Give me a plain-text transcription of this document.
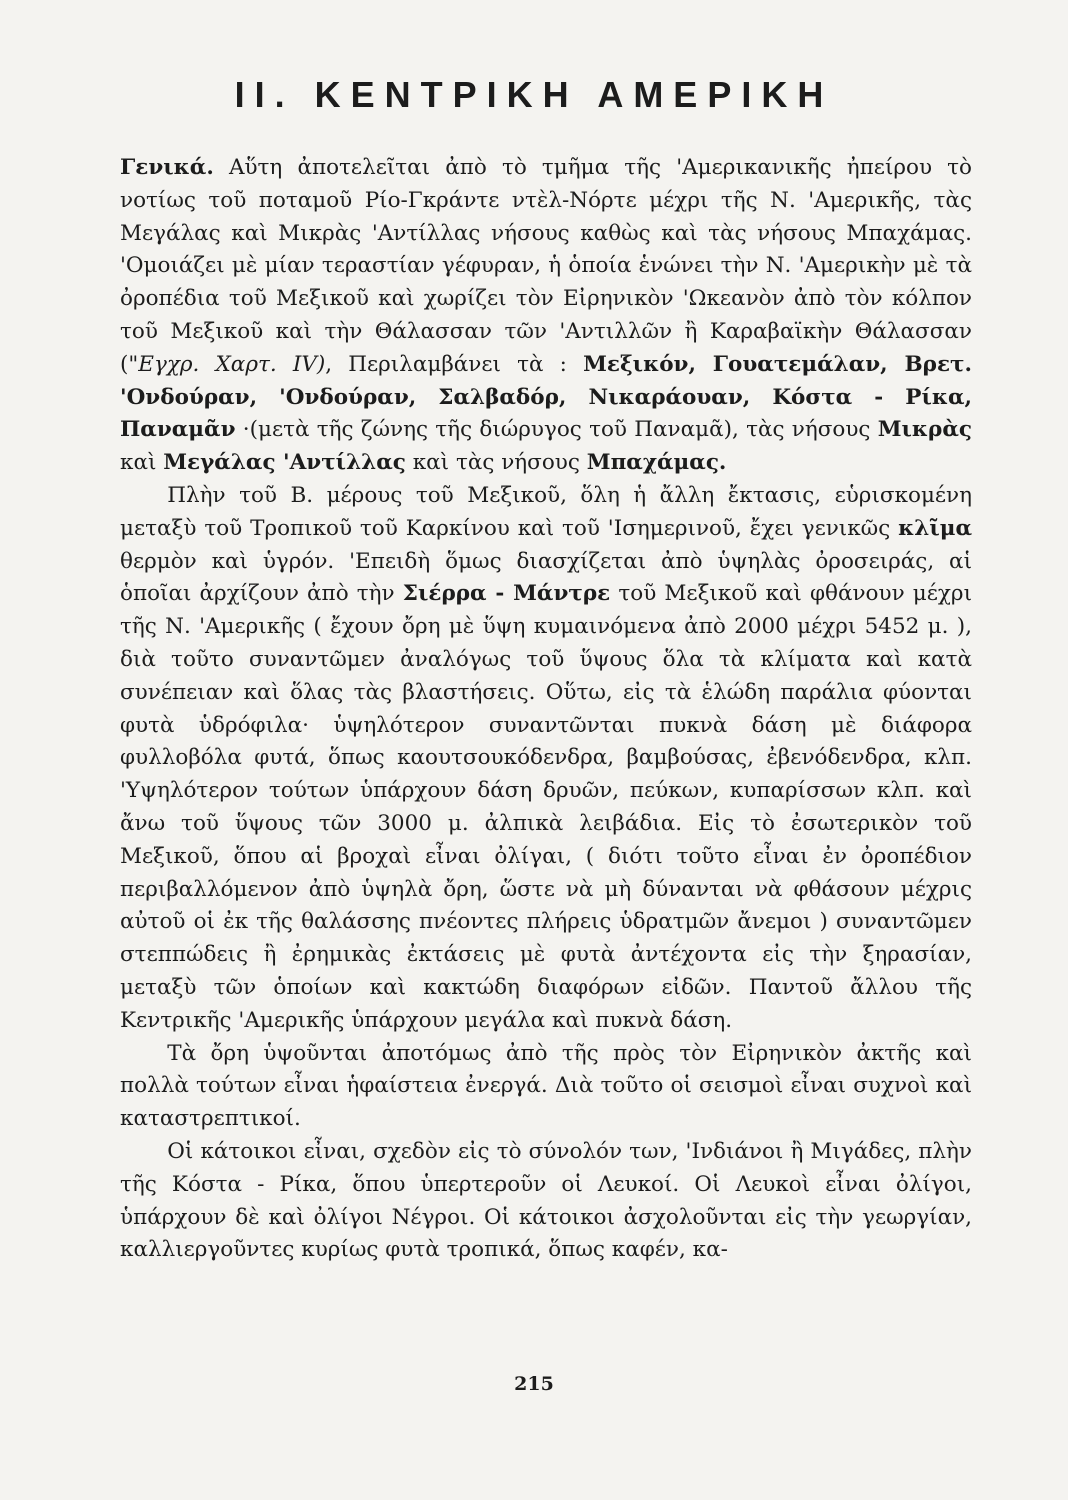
ΙΙ. ΚΕΝΤΡΙΚΗ ΑΜΕΡΙΚΗ

Γενικά. Αὕτη ἀποτελεῖται ἀπὸ τὸ τμῆμα τῆς 'Αμερικανικῆς ἠπείρου τὸ νοτίως τοῦ ποταμοῦ Ρίο-Γκράντε ντὲλ-Νόρτε μέχρι τῆς Ν. 'Αμερικῆς, τὰς Μεγάλας καὶ Μικρὰς 'Αντίλλας νήσους καθὼς καὶ τὰς νήσους Μπαχάμας. 'Ομοιάζει μὲ μίαν τεραστίαν γέφυραν, ἡ ὁποία ἑνώνει τὴν Ν. 'Αμερικὴν μὲ τὰ ὀροπέδια τοῦ Μεξικοῦ καὶ χωρίζει τὸν Εἰρηνικὸν 'Ωκεανὸν ἀπὸ τὸν κόλπον τοῦ Μεξικοῦ καὶ τὴν Θάλασσαν τῶν 'Αντιλλῶν ἢ Καραβαϊκὴν Θάλασσαν ("Εγχρ. Χαρτ. IV), Περιλαμβάνει τὰ : Μεξικόν, Γουατεμάλαν, Βρετ. 'Ονδούραν, 'Ονδούραν, Σαλβαδόρ, Νικαράουαν, Κόστα - Ρίκα, Παναμᾶν ·(μετὰ τῆς ζώνης τῆς διώρυγος τοῦ Παναμᾶ), τὰς νήσους Μικρὰς καὶ Μεγάλας 'Αντίλλας καὶ τὰς νήσους Μπαχάμας.

Πλὴν τοῦ Β. μέρους τοῦ Μεξικοῦ, ὅλη ἡ ἄλλη ἔκτασις, εὑρισκομένη μεταξὺ τοῦ Τροπικοῦ τοῦ Καρκίνου καὶ τοῦ 'Ισημερινοῦ, ἔχει γενικῶς κλῖμα θερμὸν καὶ ὑγρόν. 'Επειδὴ ὅμως διασχίζεται ἀπὸ ὑψηλὰς ὀροσειράς, αἱ ὁποῖαι ἀρχίζουν ἀπὸ τὴν Σιέρρα - Μάντρε τοῦ Μεξικοῦ καὶ φθάνουν μέχρι τῆς Ν. 'Αμερικῆς ( ἔχουν ὄρη μὲ ὕψη κυμαινόμενα ἀπὸ 2000 μέχρι 5452 μ. ), διὰ τοῦτο συναντῶμεν ἀναλόγως τοῦ ὕψους ὅλα τὰ κλίματα καὶ κατὰ συνέπειαν καὶ ὅλας τὰς βλαστήσεις. Οὕτω, εἰς τὰ ἑλώδη παράλια φύονται φυτὰ ὑδρόφιλα· ὑψηλότερον συναντῶνται πυκνὰ δάση μὲ διάφορα φυλλοβόλα φυτά, ὅπως καουτσουκόδενδρα, βαμβούσας, ἐβενόδενδρα, κλπ. 'Υψηλότερον τούτων ὑπάρχουν δάση δρυῶν, πεύκων, κυπαρίσσων κλπ. καὶ ἄνω τοῦ ὕψους τῶν 3000 μ. ἀλπικὰ λειβάδια. Εἰς τὸ ἐσωτερικὸν τοῦ Μεξικοῦ, ὅπου αἱ βροχαὶ εἶναι ὀλίγαι, ( διότι τοῦτο εἶναι ἐν ὀροπέδιον περιβαλλόμενον ἀπὸ ὑψηλὰ ὄρη, ὥστε νὰ μὴ δύνανται νὰ φθάσουν μέχρις αὐτοῦ οἱ ἐκ τῆς θαλάσσης πνέοντες πλήρεις ὑδρατμῶν ἄνεμοι ) συναντῶμεν στεππώδεις ἢ ἐρημικὰς ἐκτάσεις μὲ φυτὰ ἀντέχοντα εἰς τὴν ξηρασίαν, μεταξὺ τῶν ὁποίων καὶ κακτώδη διαφόρων εἰδῶν. Παντοῦ ἄλλου τῆς Κεντρικῆς 'Αμερικῆς ὑπάρχουν μεγάλα καὶ πυκνὰ δάση.

Τὰ ὄρη ὑψοῦνται ἀποτόμως ἀπὸ τῆς πρὸς τὸν Εἰρηνικὸν ἀκτῆς καὶ πολλὰ τούτων εἶναι ἡφαίστεια ἐνεργά. Διὰ τοῦτο οἱ σεισμοὶ εἶναι συχνοὶ καὶ καταστρεπτικοί.

Οἱ κάτοικοι εἶναι, σχεδὸν εἰς τὸ σύνολόν των, 'Ινδιάνοι ἢ Μιγάδες, πλὴν τῆς Κόστα - Ρίκα, ὅπου ὑπερτεροῦν οἱ Λευκοί. Οἱ Λευκοὶ εἶναι ὀλίγοι, ὑπάρχουν δὲ καὶ ὀλίγοι Νέγροι. Οἱ κάτοικοι ἀσχολοῦνται εἰς τὴν γεωργίαν, καλλιεργοῦντες κυρίως φυτὰ τροπικά, ὅπως καφέν, κα-

215
